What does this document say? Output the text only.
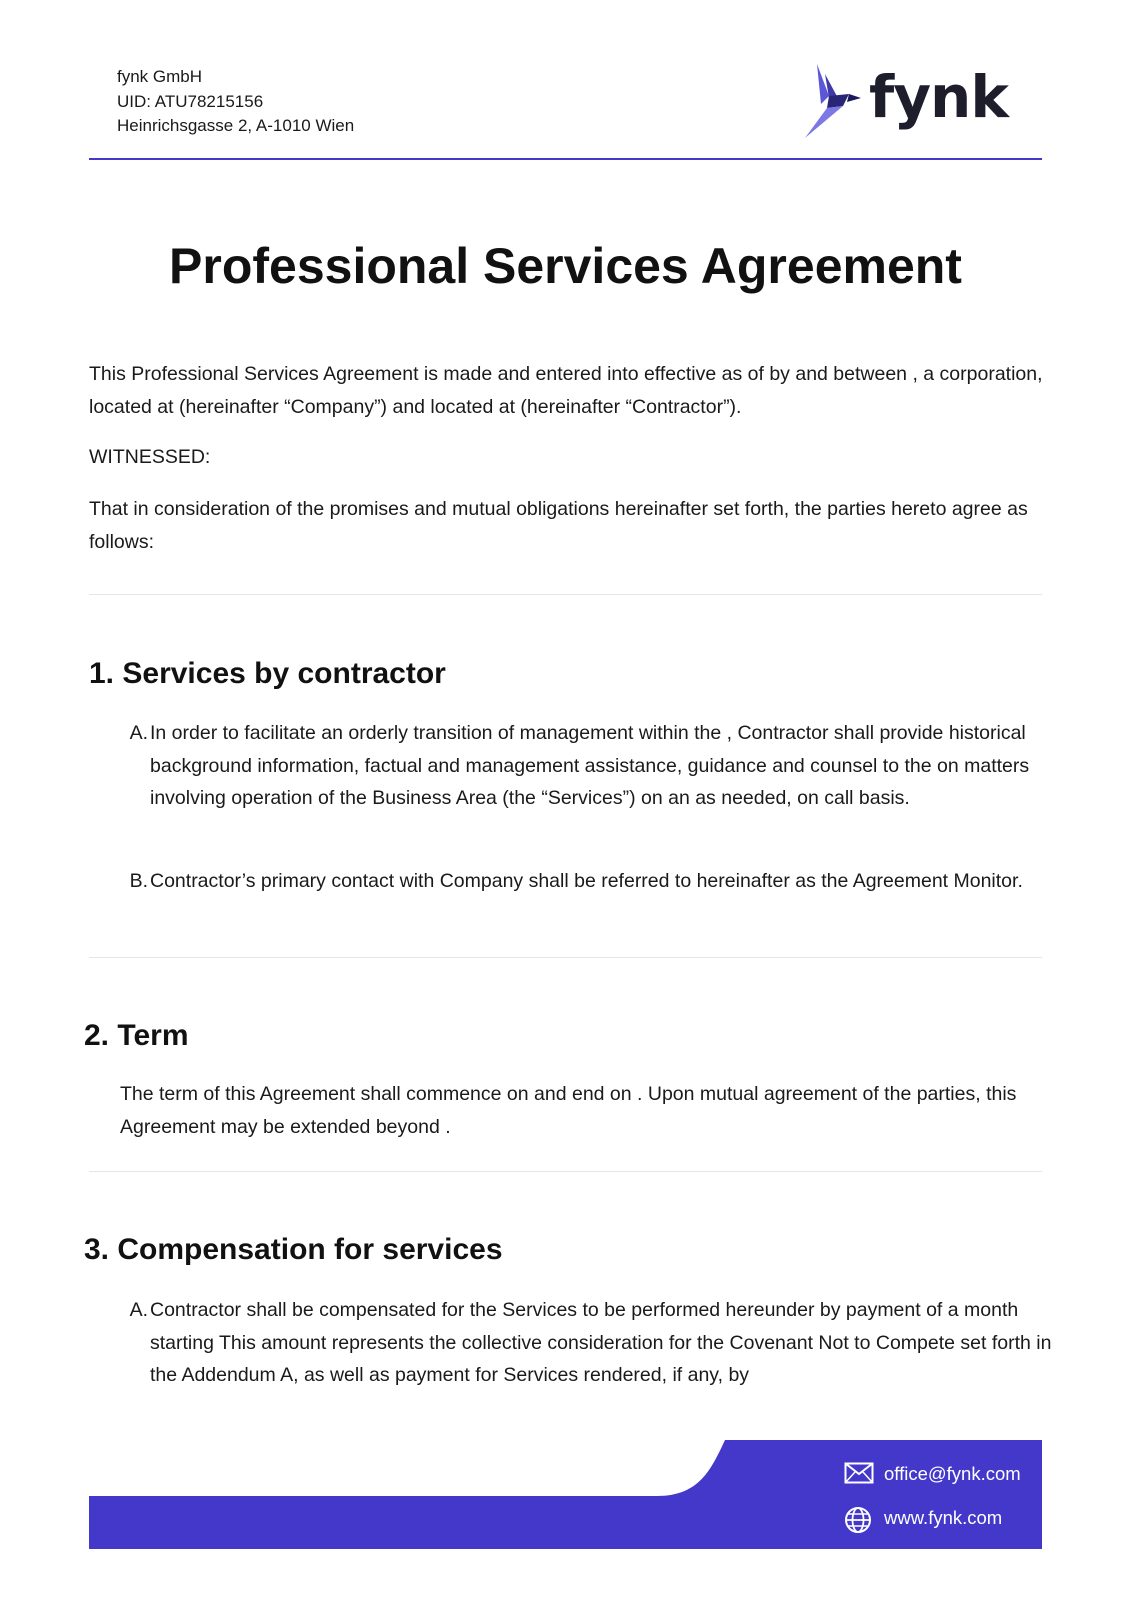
fynk GmbH
UID: ATU78215156
Heinrichsgasse 2, A-1010 Wien	fynk
Professional Services Agreement

This Professional Services Agreement is made and entered into effective as of by and between , a corporation, located at (hereinafter “Company”) and located at (hereinafter “Contractor”).

WITNESSED:

That in consideration of the promises and mutual obligations hereinafter set forth, the parties hereto agree as follows:

1. Services by contractor
A. In order to facilitate an orderly transition of management within the , Contractor shall provide historical background information, factual and management assistance, guidance and counsel to the on matters involving operation of the Business Area (the “Services”) on an as needed, on call basis.
B. Contractor’s primary contact with Company shall be referred to hereinafter as the Agreement Monitor.
2. Term

The term of this Agreement shall commence on and end on . Upon mutual agreement of the parties, this Agreement may be extended beyond .

3. Compensation for services
A. Contractor shall be compensated for the Services to be performed hereunder by payment of a month starting This amount represents the collective consideration for the Covenant Not to Compete set forth in the Addendum A, as well as payment for Services rendered, if any, by
office@fynk.com
www.fynk.com
